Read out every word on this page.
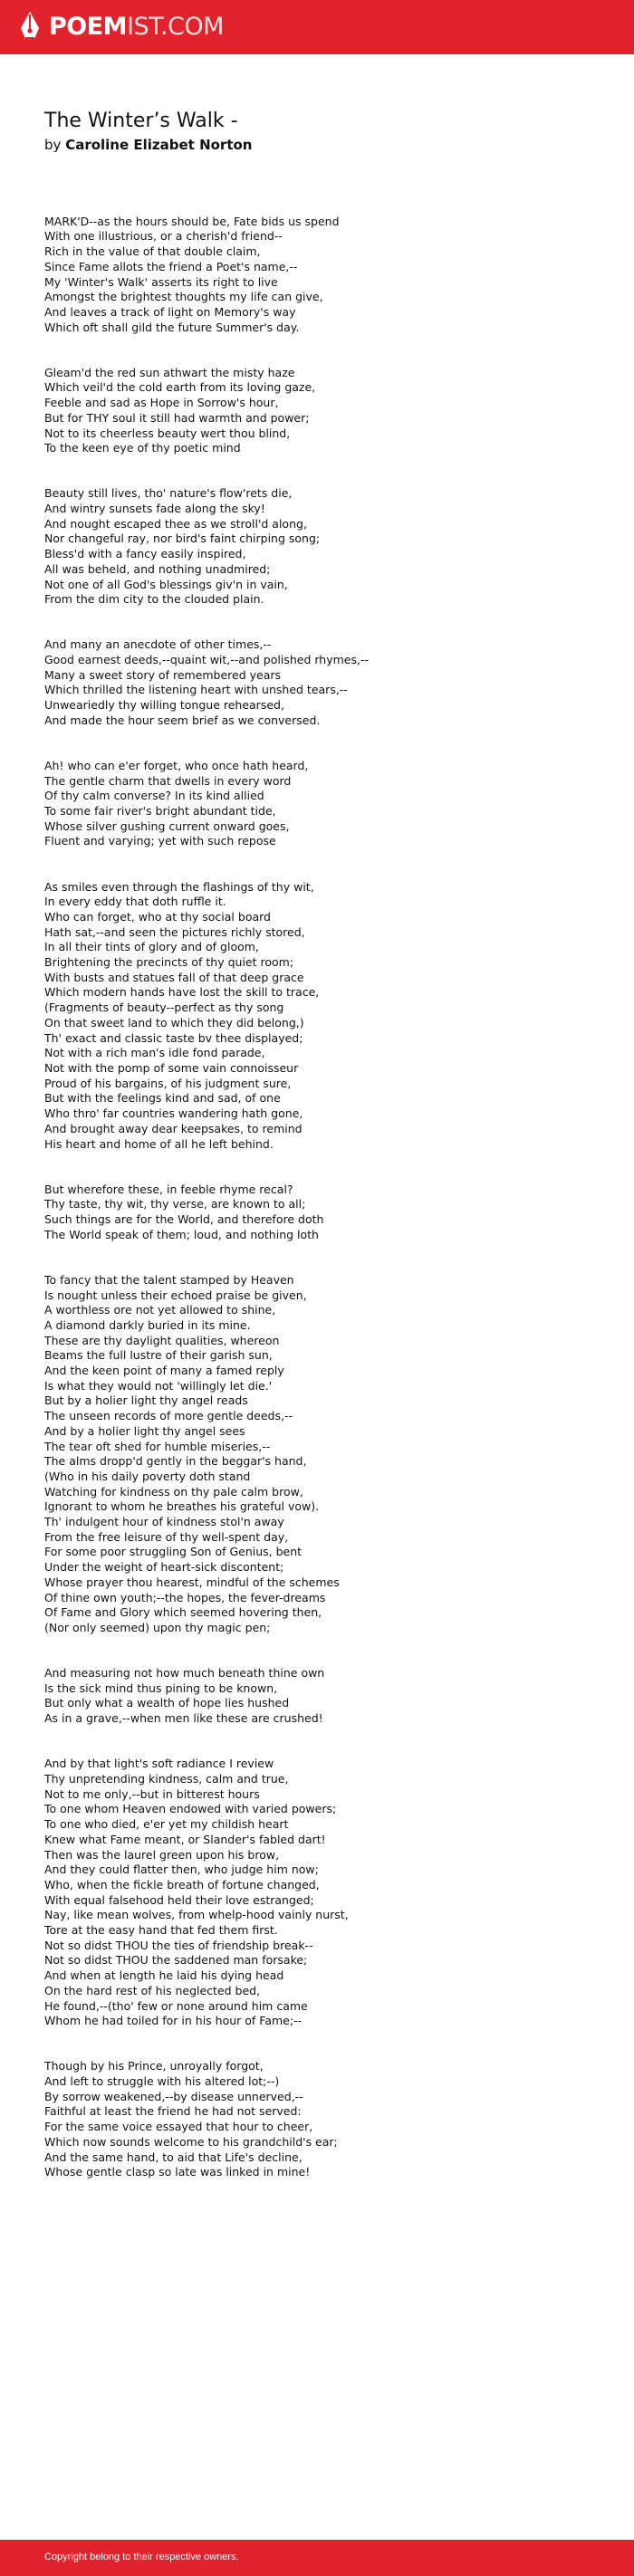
POEMIST.COM
The Winter’s Walk -
by Caroline Elizabet Norton

MARK'D--as the hours should be, Fate bids us spend
With one illustrious, or a cherish'd friend--
Rich in the value of that double claim,
Since Fame allots the friend a Poet's name,--
My 'Winter's Walk' asserts its right to live
Amongst the brightest thoughts my life can give,
And leaves a track of light on Memory's way
Which oft shall gild the future Summer's day.

Gleam'd the red sun athwart the misty haze
Which veil'd the cold earth from its loving gaze,
Feeble and sad as Hope in Sorrow's hour,
But for THY soul it still had warmth and power;
Not to its cheerless beauty wert thou blind,
To the keen eye of thy poetic mind

Beauty still lives, tho' nature's flow'rets die,
And wintry sunsets fade along the sky!
And nought escaped thee as we stroll'd along,
Nor changeful ray, nor bird's faint chirping song;
Bless'd with a fancy easily inspired,
All was beheld, and nothing unadmired;
Not one of all God's blessings giv'n in vain,
From the dim city to the clouded plain.

And many an anecdote of other times,--
Good earnest deeds,--quaint wit,--and polished rhymes,--
Many a sweet story of remembered years
Which thrilled the listening heart with unshed tears,--
Unweariedly thy willing tongue rehearsed,
And made the hour seem brief as we conversed.

Ah! who can e'er forget, who once hath heard,
The gentle charm that dwells in every word
Of thy calm converse? In its kind allied
To some fair river's bright abundant tide,
Whose silver gushing current onward goes,
Fluent and varying; yet with such repose

As smiles even through the flashings of thy wit,
In every eddy that doth ruffle it.
Who can forget, who at thy social board
Hath sat,--and seen the pictures richly stored,
In all their tints of glory and of gloom,
Brightening the precincts of thy quiet room;
With busts and statues fall of that deep grace
Which modern hands have lost the skill to trace,
(Fragments of beauty--perfect as thy song
On that sweet land to which they did belong,)
Th' exact and classic taste bv thee displayed;
Not with a rich man's idle fond parade,
Not with the pomp of some vain connoisseur
Proud of his bargains, of his judgment sure,
But with the feelings kind and sad, of one
Who thro' far countries wandering hath gone,
And brought away dear keepsakes, to remind
His heart and home of all he left behind.

But wherefore these, in feeble rhyme recal?
Thy taste, thy wit, thy verse, are known to all;
Such things are for the World, and therefore doth
The World speak of them; loud, and nothing loth

To fancy that the talent stamped by Heaven
Is nought unless their echoed praise be given,
A worthless ore not yet allowed to shine,
A diamond darkly buried in its mine.
These are thy daylight qualities, whereon
Beams the full lustre of their garish sun,
And the keen point of many a famed reply
Is what they would not 'willingly let die.'
But by a holier light thy angel reads
The unseen records of more gentle deeds,--
And by a holier light thy angel sees
The tear oft shed for humble miseries,--
The alms dropp'd gently in the beggar's hand,
(Who in his daily poverty doth stand
Watching for kindness on thy pale calm brow,
Ignorant to whom he breathes his grateful vow).
Th' indulgent hour of kindness stol'n away
From the free leisure of thy well-spent day,
For some poor struggling Son of Genius, bent
Under the weight of heart-sick discontent;
Whose prayer thou hearest, mindful of the schemes
Of thine own youth;--the hopes, the fever-dreams
Of Fame and Glory which seemed hovering then,
(Nor only seemed) upon thy magic pen;

And measuring not how much beneath thine own
Is the sick mind thus pining to be known,
But only what a wealth of hope lies hushed
As in a grave,--when men like these are crushed!

And by that light's soft radiance I review
Thy unpretending kindness, calm and true,
Not to me only,--but in bitterest hours
To one whom Heaven endowed with varied powers;
To one who died, e'er yet my childish heart
Knew what Fame meant, or Slander's fabled dart!
Then was the laurel green upon his brow,
And they could flatter then, who judge him now;
Who, when the fickle breath of fortune changed,
With equal falsehood held their love estranged;
Nay, like mean wolves, from whelp-hood vainly nurst,
Tore at the easy hand that fed them first.
Not so didst THOU the ties of friendship break--
Not so didst THOU the saddened man forsake;
And when at length he laid his dying head
On the hard rest of his neglected bed,
He found,--(tho' few or none around him came
Whom he had toiled for in his hour of Fame;--

Though by his Prince, unroyally forgot,
And left to struggle with his altered lot;--)
By sorrow weakened,--by disease unnerved,--
Faithful at least the friend he had not served:
For the same voice essayed that hour to cheer,
Which now sounds welcome to his grandchild's ear;
And the same hand, to aid that Life's decline,
Whose gentle clasp so late was linked in mine!

Copyright belong to their respective owners.
